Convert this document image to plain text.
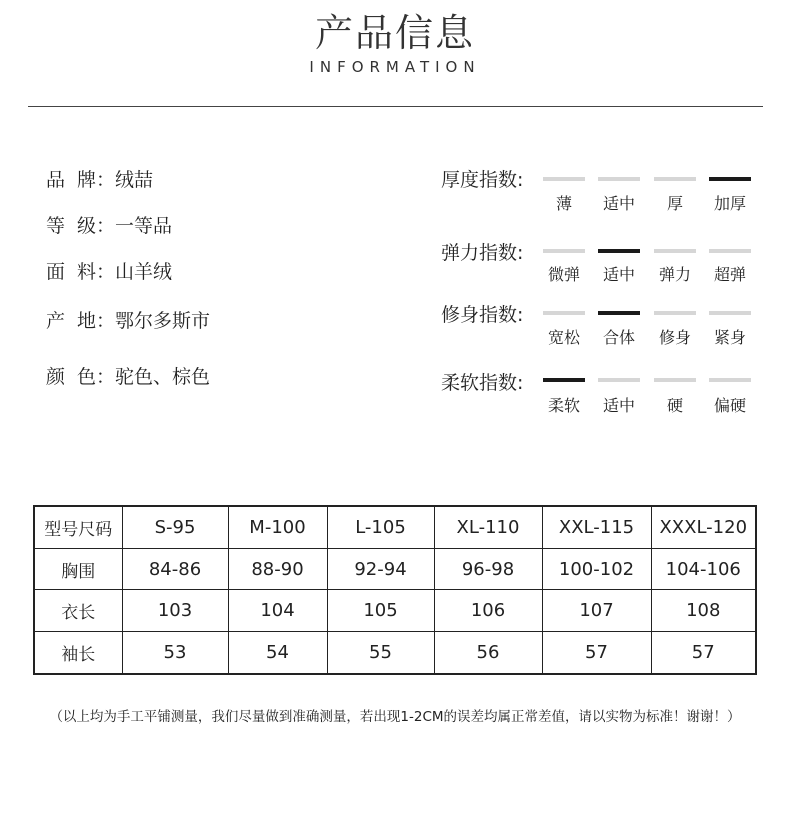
产品信息
INFORMATION
品 牌：绒喆
等 级：一等品
面 料：山羊绒
产 地：鄂尔多斯市
颜 色：驼色、棕色
厚度指数:
薄	适中	厚	加厚
弹力指数:
微弹	适中	弹力	超弹
修身指数:
宽松	合体	修身	紧身
柔软指数:
柔软	适中	硬	偏硬
型号尺码	S-95	M-100	L-105	XL-110	XXL-115	XXXL-120
胸围	84-86	88-90	92-94	96-98	100-102	104-106
衣长	103	104	105	106	107	108
袖长	53	54	55	56	57	57
（以上均为手工平铺测量，我们尽量做到准确测量，若出现1-2CM的误差均属正常差值，请以实物为标准！谢谢！）
